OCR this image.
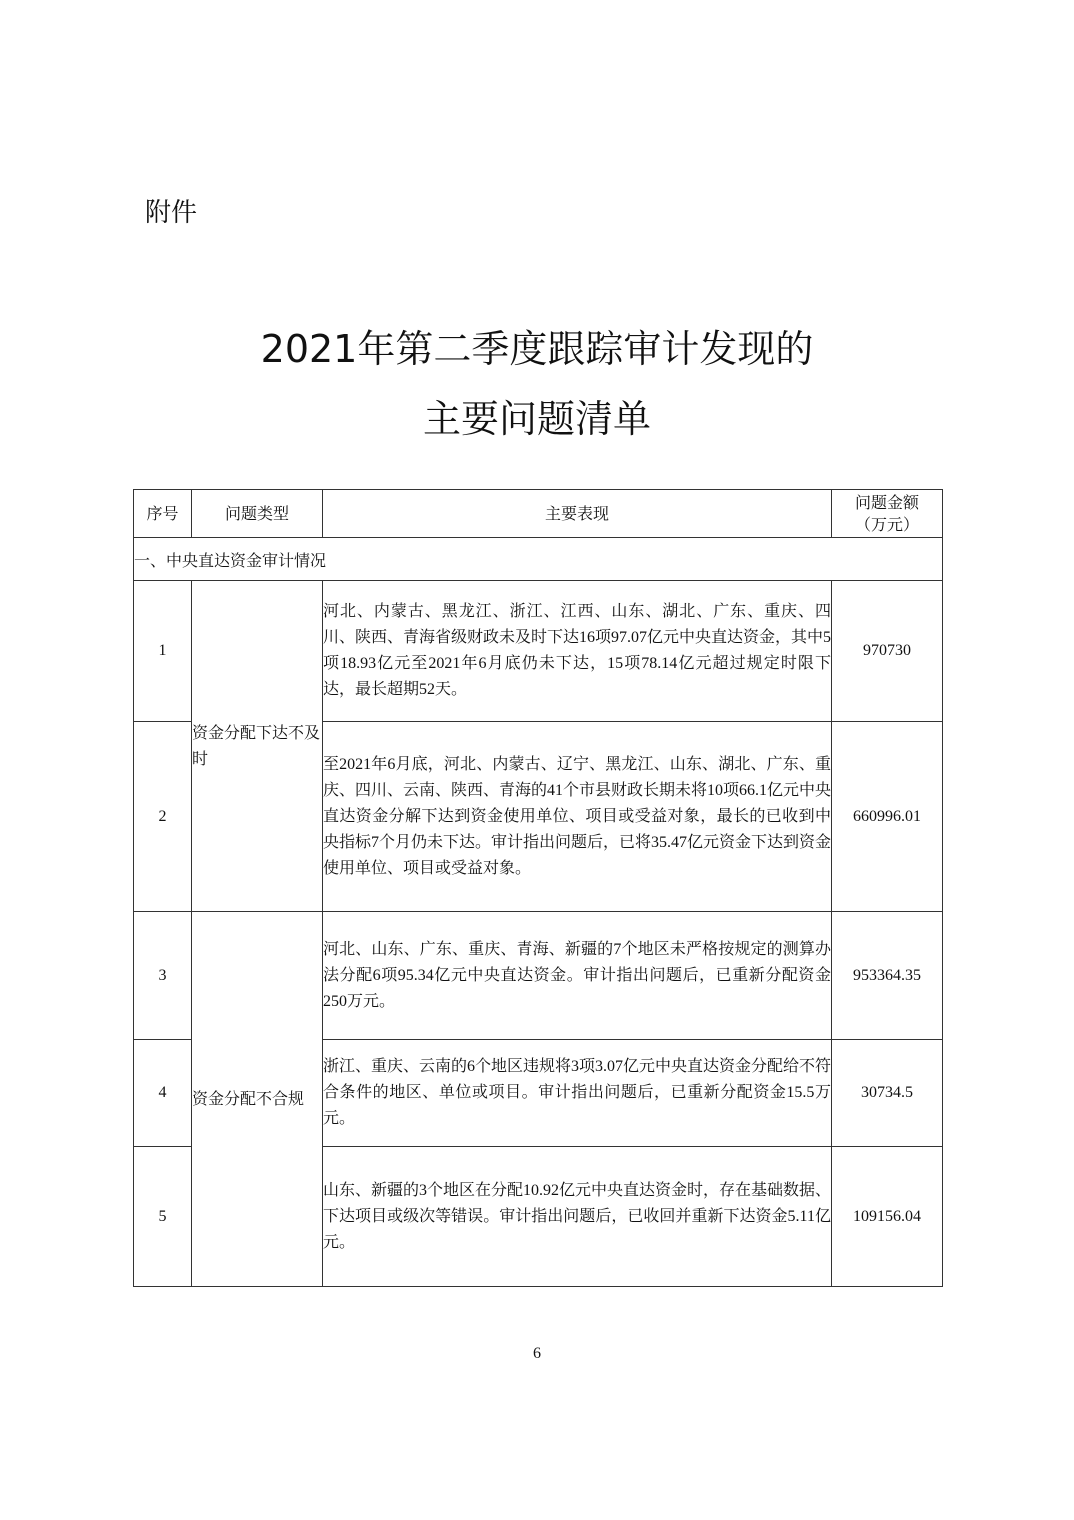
附件
2021年第二季度跟踪审计发现的
主要问题清单
序号	问题类型	主要表现	问题金额
（万元）

一、中央直达资金审计情况			
1	资金分配下达不及时	河北、内蒙古、黑龙江、浙江、江西、山东、湖北、广东、重庆、四川、陕西、青海省级财政未及时下达16项97.07亿元中央直达资金，其中5项18.93亿元至2021年6月底仍未下达，15项78.14亿元超过规定时限下达，最长超期52天。	970730
2		至2021年6月底，河北、内蒙古、辽宁、黑龙江、山东、湖北、广东、重庆、四川、云南、陕西、青海的41个市县财政长期未将10项66.1亿元中央直达资金分解下达到资金使用单位、项目或受益对象，最长的已收到中央指标7个月仍未下达。审计指出问题后，已将35.47亿元资金下达到资金使用单位、项目或受益对象。	660996.01
3	资金分配不合规	河北、山东、广东、重庆、青海、新疆的7个地区未严格按规定的测算办法分配6项95.34亿元中央直达资金。审计指出问题后，已重新分配资金250万元。	953364.35
4		浙江、重庆、云南的6个地区违规将3项3.07亿元中央直达资金分配给不符合条件的地区、单位或项目。审计指出问题后，已重新分配资金15.5万元。	30734.5
5		山东、新疆的3个地区在分配10.92亿元中央直达资金时，存在基础数据、下达项目或级次等错误。审计指出问题后，已收回并重新下达资金5.11亿元。	109156.04
6
